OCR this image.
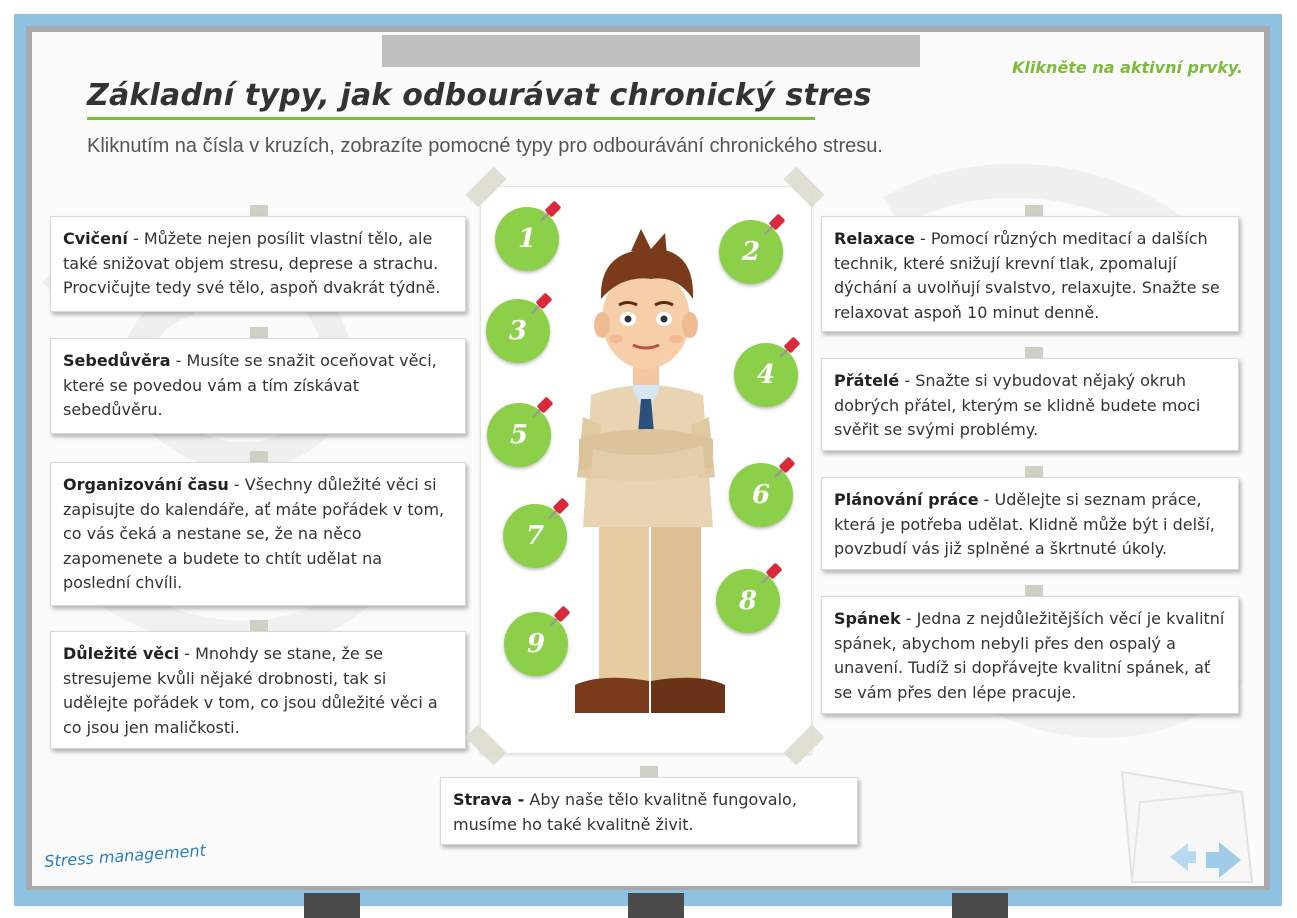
Klikněte na aktivní prvky.
Základní typy, jak odbourávat chronický stres

Kliknutím na čísla v kruzích, zobrazíte pomocné typy pro odbourávání chronického stresu.

Cvičení - Můžete nejen posílit vlastní tělo, ale také snižovat objem stresu, deprese a strachu. Procvičujte tedy své tělo, aspoň dvakrát týdně.
Sebedůvěra - Musíte se snažit oceňovat věci, které se povedou vám a tím získávat sebedůvěru.
Organizování času - Všechny důležité věci si zapisujte do kalendáře, ať máte pořádek v tom, co vás čeká a nestane se, že na něco zapomenete a budete to chtít udělat na poslední chvíli.
Důležité věci - Mnohdy se stane, že se stresujeme kvůli nějaké drobnosti, tak si udělejte pořádek v tom, co jsou důležité věci a co jsou jen maličkosti.
Relaxace - Pomocí různých meditací a dalších technik, které snižují krevní tlak, zpomalují dýchání a uvolňují svalstvo, relaxujte. Snažte se relaxovat aspoň 10 minut denně.
Přátelé - Snažte si vybudovat nějaký okruh dobrých přátel, kterým se klidně budete moci svěřit se svými problémy.
Plánování práce - Udělejte si seznam práce, která je potřeba udělat. Klidně může být i delší, povzbudí vás již splněné a škrtnuté úkoly.
Spánek - Jedna z nejdůležitějších věcí je kvalitní spánek, abychom nebyli přes den ospalý a unavení. Tudíž si dopřávejte kvalitní spánek, ať se vám přes den lépe pracuje.
Strava - Aby naše tělo kvalitně fungovalo, musíme ho také kvalitně živit.
1	2
3
4
5
6
7
8
9
Stress management
